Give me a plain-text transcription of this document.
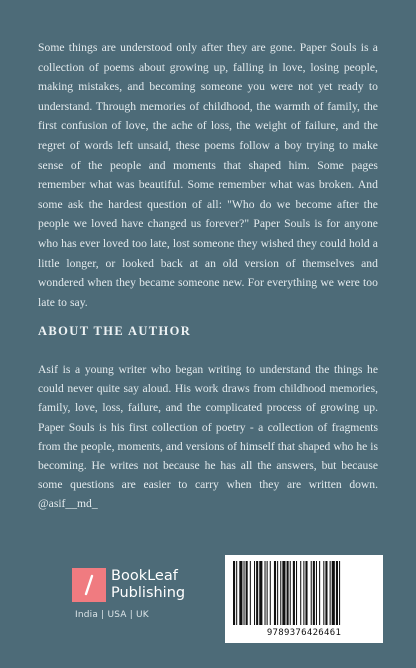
Some things are understood only after they are gone. Paper Souls is a collection of poems about growing up, falling in love, losing people, making mistakes, and becoming someone you were not yet ready to understand. Through memories of childhood, the warmth of family, the first confusion of love, the ache of loss, the weight of failure, and the regret of words left unsaid, these poems follow a boy trying to make sense of the people and moments that shaped him. Some pages remember what was beautiful. Some remember what was broken. And some ask the hardest question of all: "Who do we become after the people we loved have changed us forever?" Paper Souls is for anyone who has ever loved too late, lost someone they wished they could hold a little longer, or looked back at an old version of themselves and wondered when they became someone new. For everything we were too late to say.

ABOUT THE AUTHOR

Asif is a young writer who began writing to understand the things he could never quite say aloud. His work draws from childhood memories, family, love, loss, failure, and the complicated process of growing up. Paper Souls is his first collection of poetry - a collection of fragments from the people, moments, and versions of himself that shaped who he is becoming. He writes not because he has all the answers, but because some questions are easier to carry when they are written down. @asif__md_

BookLeaf
Publishing
India | USA | UK
9789376426461
